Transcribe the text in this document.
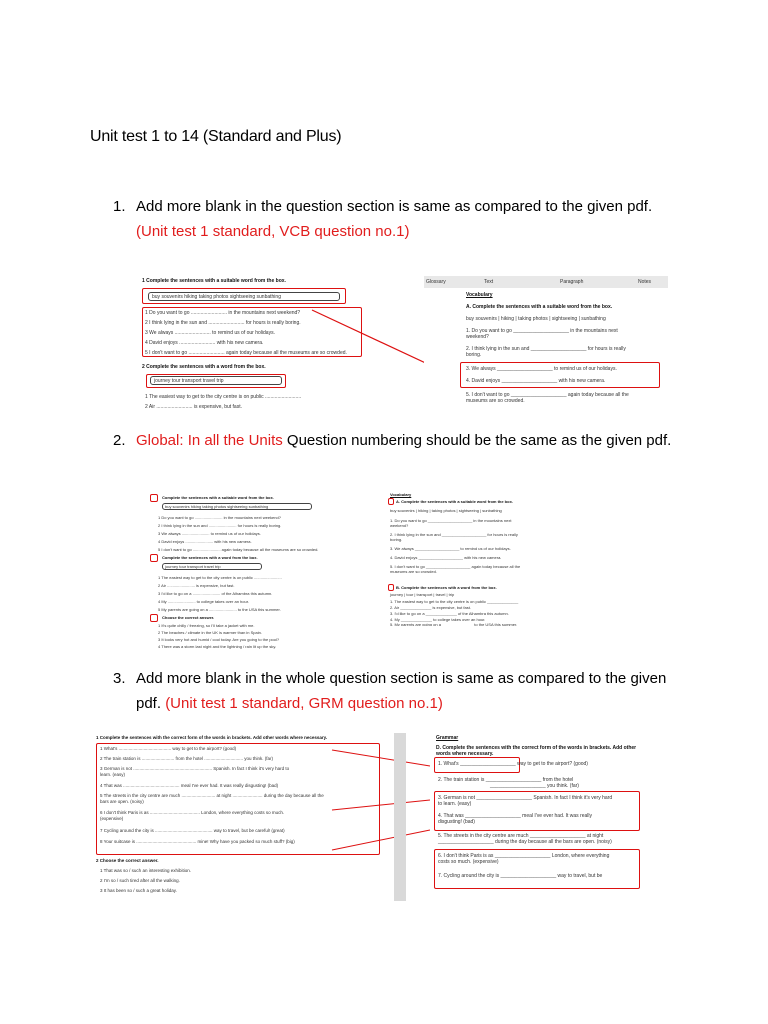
Unit test 1 to 14 (Standard and Plus)
1. Add more blank in the question section is same as compared to the given pdf. (Unit test 1 standard, VCB question no.1)
1 Complete the sentences with a suitable word from the box.
buy souvenirs hiking taking photos sightseeing sunbathing
1 Do you want to go .......................... in the mountains next weekend?
2 I think lying in the sun and .......................... for hours is really boring.
3 We always .......................... to remind us of our holidays.
4 David enjoys .......................... with his new camera.
5 I don't want to go .......................... again today because all the museums are so crowded.
2 Complete the sentences with a word from the box.
journey tour transport travel trip
1 The easiest way to get to the city centre is on public ..........................
2 Air .......................... is expensive, but fast.
Glossary	Text	Paragraph	Notes
Vocabulary
A. Complete the sentences with a suitable word from the box.
buy souvenirs | hiking | taking photos | sightseeing | sunbathing
1. Do you want to go ____________________ in the mountains next
weekend?
2. I think lying in the sun and ____________________ for hours is really
boring.
3. We always ____________________ to remind us of our holidays.
4. David enjoys ____________________ with his new camera.
5. I don't want to go ____________________ again today because all the
museums are so crowded.
2. Global: In all the Units Question numbering should be the same as the given pdf.
Complete the sentences with a suitable word from the box.
buy souvenirs hiking taking photos sightseeing sunbathing
1 Do you want to go ......................... in the mountains next weekend?
2 I think lying in the sun and ......................... for hours is really boring.
3 We always ......................... to remind us of our holidays.
4 David enjoys ......................... with his new camera.
5 I don't want to go ......................... again today because all the museums are so crowded.
Complete the sentences with a word from the box.
journey tour transport travel trip
1 The easiest way to get to the city centre is on public .........................
2 Air ......................... is expensive, but fast.
3 I'd like to go on a ......................... of the Alhambra this autumn.
4 My ......................... to college takes over an hour.
5 My parents are going on a ......................... to the USA this summer.
Choose the correct answer.
1 It's quite chilly / freezing, so I'll take a jacket with me.
2 The beaches / climate in the UK is warmer than in Spain.
3 It looks very hot and humid / cool today. Are you going to the pool?
4 There was a storm last night and the lightning / rain lit up the sky.
Vocabulary
A. Complete the sentences with a suitable word from the box.
buy souvenirs | hiking | taking photos | sightseeing | sunbathing
1. Do you want to go ____________________ in the mountains next
weekend?
2. I think lying in the sun and ____________________ for hours is really
boring.
3. We always ____________________ to remind us of our holidays.
4. David enjoys ____________________ with his new camera.
5. I don't want to go ____________________ again today because all the
museums are so crowded.
B. Complete the sentences with a word from the box.
journey | tour | transport | travel | trip
1. The easiest way to get to the city centre is on public ______________
2. Air ______________ is expensive, but fast.
3. I'd like to go on a ______________ of the Alhambra this autumn.
4. My ______________ to college takes over an hour.
5. My parents are going on a ______________ to the USA this summer.
3. Add more blank in the whole question section is same as compared to the given pdf. (Unit test 1 standard, GRM question no.1)
1 Complete the sentences with the correct form of the words in brackets. Add other words where necessary.
1 What's .......................................... way to get to the airport? (good)
2 The train station is .......................... from the hotel ............................... you think. (far)
3 German is not ............................................................... Spanish. In fact I think it's very hard to
learn. (easy)
4 That was ............................................. meal I've ever had. It was really disgusting! (bad)
5 The streets in the city centre are much ........................... at night ........................ during the day because all the
bars are open. (noisy)
6 I don't think Paris is as ........................................ London, where everything costs so much.
(expensive)
7 Cycling around the city is .............................................. way to travel, but be careful! (great)
8 Your suitcase is ................................................ mine! Why have you packed so much stuff? (big)
2 Choose the correct answer.
1 That was so / such an interesting exhibition.
2 I'm so / such tired after all the walking.
3 It has been so / such a great holiday.
Grammar
D. Complete the sentences with the correct form of the words in brackets. Add other words where necessary.
1. What's ____________________ way to get to the airport? (good)
2. The train station is ____________________ from the hotel
____________________ you think. (far)
3. German is not ____________________ Spanish. In fact I think it's very hard
to learn. (easy)
4. That was ____________________ meal I've ever had. It was really
disgusting! (bad)
5. The streets in the city centre are much ____________________ at night
____________________ during the day because all the bars are open. (noisy)
6. I don't think Paris is as ____________________ London, where everything
costs so much. (expensive)
7. Cycling around the city is ____________________ way to travel, but be
